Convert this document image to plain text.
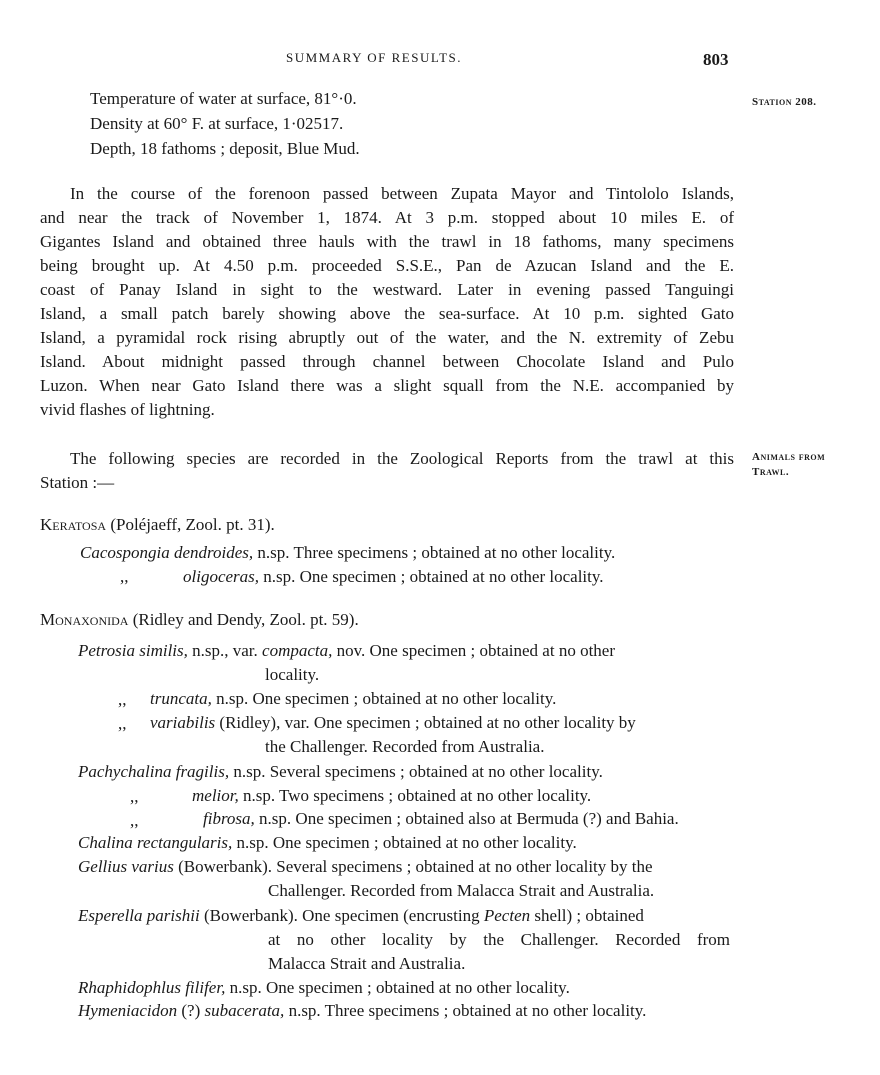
SUMMARY OF RESULTS.	803
Station 208.
Animals from
Trawl.
Temperature of water at surface, 81°·0.
Density at 60° F. at surface, 1·02517.
Depth, 18 fathoms ; deposit, Blue Mud.
In the course of the forenoon passed between Zupata Mayor and Tintololo Islands,
and near the track of November 1, 1874. At 3 p.m. stopped about 10 miles E. of
Gigantes Island and obtained three hauls with the trawl in 18 fathoms, many specimens
being brought up. At 4.50 p.m. proceeded S.S.E., Pan de Azucan Island and the E.
coast of Panay Island in sight to the westward. Later in evening passed Tanguingi
Island, a small patch barely showing above the sea-surface. At 10 p.m. sighted Gato
Island, a pyramidal rock rising abruptly out of the water, and the N. extremity of Zebu
Island. About midnight passed through channel between Chocolate Island and Pulo
Luzon. When near Gato Island there was a slight squall from the N.E. accompanied by
vivid flashes of lightning.
The following species are recorded in the Zoological Reports from the trawl at this
Station :—
Keratosa (Poléjaeff, Zool. pt. 31).
Cacospongia dendroides, n.sp. Three specimens ; obtained at no other locality.
,,	oligoceras, n.sp. One specimen ; obtained at no other locality.
Monaxonida (Ridley and Dendy, Zool. pt. 59).
Petrosia similis, n.sp., var. compacta, nov. One specimen ; obtained at no other
locality.
,, truncata, n.sp. One specimen ; obtained at no other locality.
,, variabilis (Ridley), var. One specimen ; obtained at no other locality by
the Challenger. Recorded from Australia.
Pachychalina fragilis, n.sp. Several specimens ; obtained at no other locality.
,,	melior, n.sp. Two specimens ; obtained at no other locality.
,,	fibrosa, n.sp. One specimen ; obtained also at Bermuda (?) and Bahia.
Chalina rectangularis, n.sp. One specimen ; obtained at no other locality.
Gellius varius (Bowerbank). Several specimens ; obtained at no other locality by the
Challenger. Recorded from Malacca Strait and Australia.
Esperella parishii (Bowerbank). One specimen (encrusting Pecten shell) ; obtained
at no other locality by the Challenger. Recorded from
Malacca Strait and Australia.
Rhaphidophlus filifer, n.sp. One specimen ; obtained at no other locality.
Hymeniacidon (?) subacerata, n.sp. Three specimens ; obtained at no other locality.
